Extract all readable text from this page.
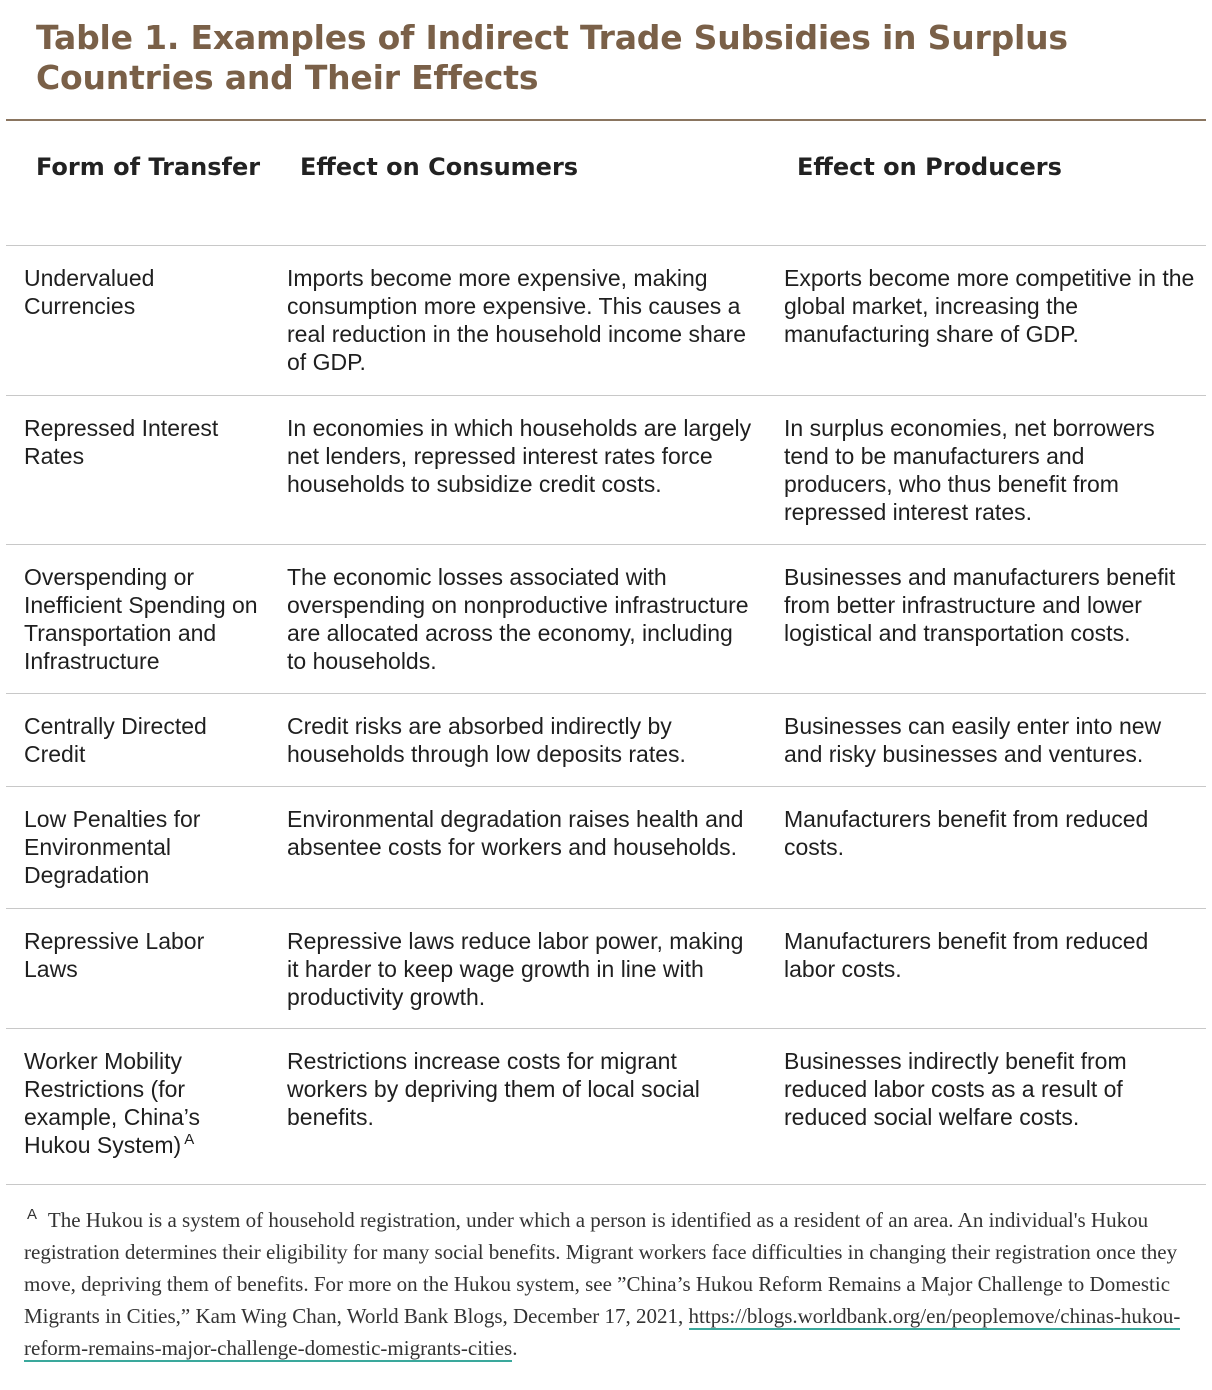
Table 1. Examples of Indirect Trade Subsidies in Surplus Countries and Their Effects
Form of Transfer	Effect on Consumers	Effect on Producers
Undervalued Currencies	Imports become more expensive, making consumption more expensive. This causes a real reduction in the household income share of GDP.	Exports become more competitive in the global market, increasing the manufacturing share of GDP.
Repressed Interest Rates	In economies in which households are largely net lenders, repressed interest rates force households to subsidize credit costs.	In surplus economies, net borrowers tend to be manufacturers and producers, who thus benefit from repressed interest rates.
Overspending or Inefficient Spending on Transportation and Infrastructure	The economic losses associated with overspending on nonproductive infrastructure are allocated across the economy, including to households.	Businesses and manufacturers benefit from better infrastructure and lower logistical and transportation costs.
Centrally Directed Credit	Credit risks are absorbed indirectly by households through low deposits rates.	Businesses can easily enter into new and risky businesses and ventures.
Low Penalties for Environmental Degradation	Environmental degradation raises health and absentee costs for workers and households.	Manufacturers benefit from reduced costs.
Repressive Labor Laws	Repressive laws reduce labor power, making it harder to keep wage growth in line with productivity growth.	Manufacturers benefit from reduced labor costs.
Worker Mobility Restrictions (for example, China’s Hukou System) $^A$	Restrictions increase costs for migrant workers by depriving them of local social benefits.	Businesses indirectly benefit from reduced labor costs as a result of reduced social welfare costs.

$^A$ The Hukou is a system of household registration, under which a person is identified as a resident of an area. An individual's Hukou registration determines their eligibility for many social benefits. Migrant workers face difficulties in changing their registration once they move, depriving them of benefits. For more on the Hukou system, see ”China’s Hukou Reform Remains a Major Challenge to Domestic Migrants in Cities,” Kam Wing Chan, World Bank Blogs, December 17, 2021, https://blogs.worldbank.org/en/peoplemove/chinas-hukou-reform-remains-major-challenge-domestic-migrants-cities.
